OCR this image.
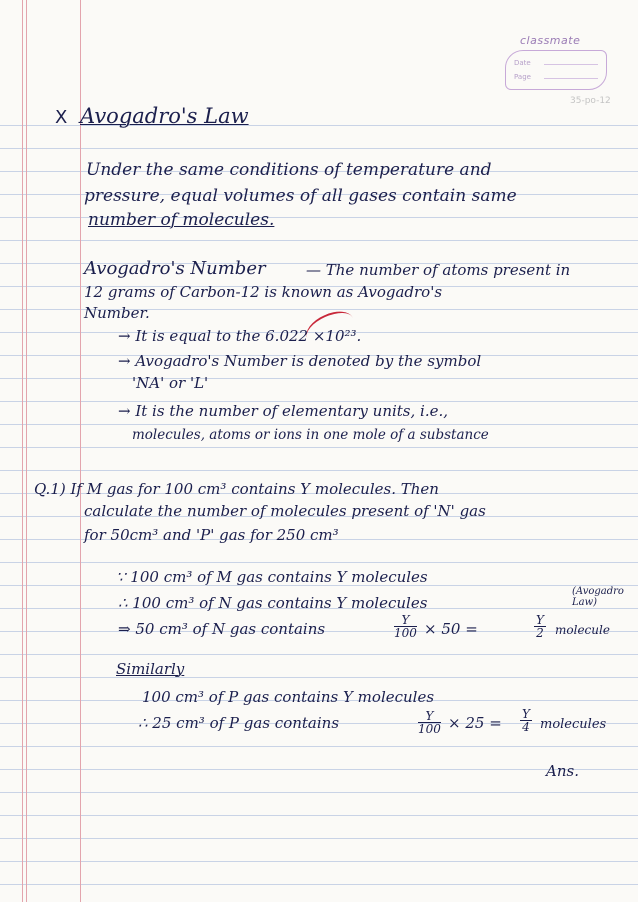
classmate
Date
Page
35-po-12
X Avogadro's Law
Under the same conditions of temperature and
pressure, equal volumes of all gases contain same
number of molecules.
Avogadro's Number	— The number of atoms present in
12 grams of Carbon-12 is known as Avogadro's
Number.
→ It is equal to the 6.022 ×10²³.
→ Avogadro's Number is denoted by the symbol
'NA' or 'L'
→ It is the number of elementary units, i.e.,
molecules, atoms or ions in one mole of a substance
Q.1) If M gas for 100 cm³ contains Y molecules. Then
calculate the number of molecules present of 'N' gas
for 50cm³ and 'P' gas for 250 cm³
∵ 100 cm³ of M gas contains Y molecules
∴ 100 cm³ of N gas contains Y molecules
(Avogadro Law)
⇒ 50 cm³ of N gas contains	$\frac{Y}{100} \times 50$ =	$\frac{Y}{2}$ molecule
Similarly
100 cm³ of P gas contains Y molecules
∴ 25 cm³ of P gas contains	$\frac{Y}{100} \times 25 = \frac{Y}{4}$ molecules
Ans.
